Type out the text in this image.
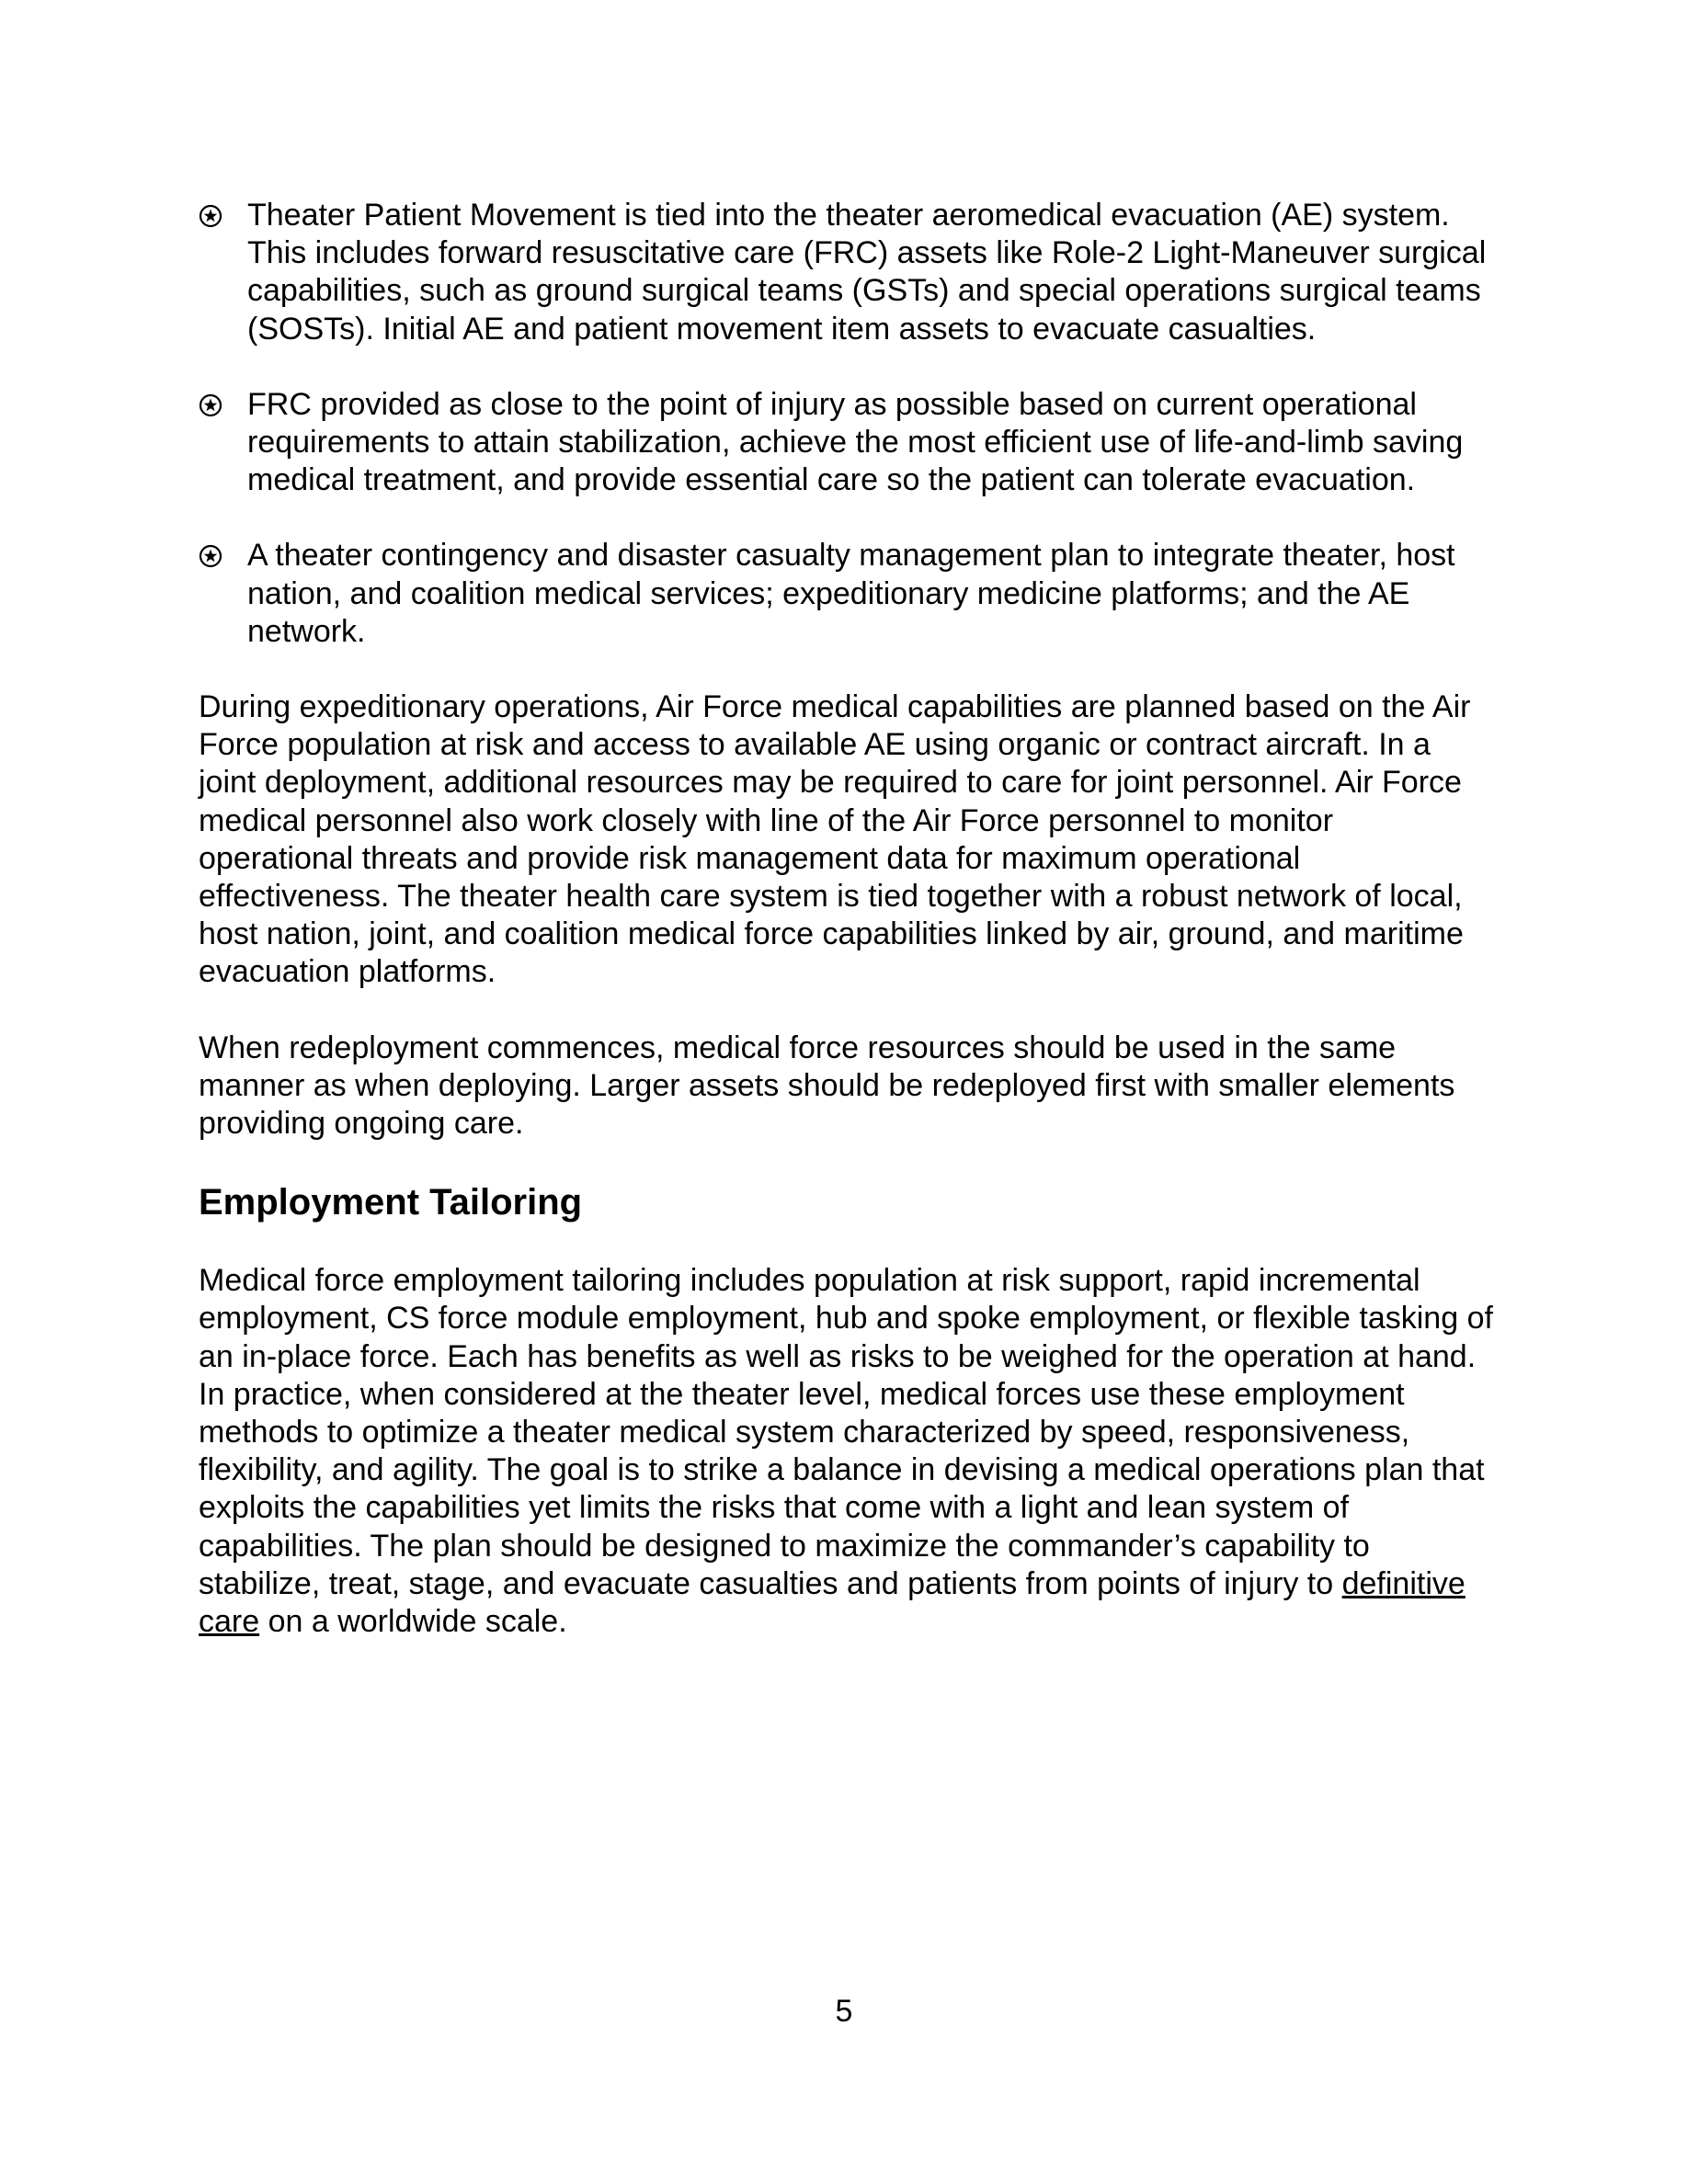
Theater Patient Movement is tied into the theater aeromedical evacuation (AE) system. This includes forward resuscitative care (FRC) assets like Role-2 Light-Maneuver surgical capabilities, such as ground surgical teams (GSTs) and special operations surgical teams (SOSTs). Initial AE and patient movement item assets to evacuate casualties.
FRC provided as close to the point of injury as possible based on current operational requirements to attain stabilization, achieve the most efficient use of life-and-limb saving medical treatment, and provide essential care so the patient can tolerate evacuation.
A theater contingency and disaster casualty management plan to integrate theater, host nation, and coalition medical services; expeditionary medicine platforms; and the AE network.

During expeditionary operations, Air Force medical capabilities are planned based on the Air Force population at risk and access to available AE using organic or contract aircraft. In a joint deployment, additional resources may be required to care for joint personnel. Air Force medical personnel also work closely with line of the Air Force personnel to monitor operational threats and provide risk management data for maximum operational effectiveness. The theater health care system is tied together with a robust network of local, host nation, joint, and coalition medical force capabilities linked by air, ground, and maritime evacuation platforms.

When redeployment commences, medical force resources should be used in the same manner as when deploying. Larger assets should be redeployed first with smaller elements providing ongoing care.

Employment Tailoring

Medical force employment tailoring includes population at risk support, rapid incremental employment, CS force module employment, hub and spoke employment, or flexible tasking of an in-place force. Each has benefits as well as risks to be weighed for the operation at hand. In practice, when considered at the theater level, medical forces use these employment methods to optimize a theater medical system characterized by speed, responsiveness, flexibility, and agility. The goal is to strike a balance in devising a medical operations plan that exploits the capabilities yet limits the risks that come with a light and lean system of capabilities. The plan should be designed to maximize the commander’s capability to stabilize, treat, stage, and evacuate casualties and patients from points of injury to definitive care on a worldwide scale.

5
